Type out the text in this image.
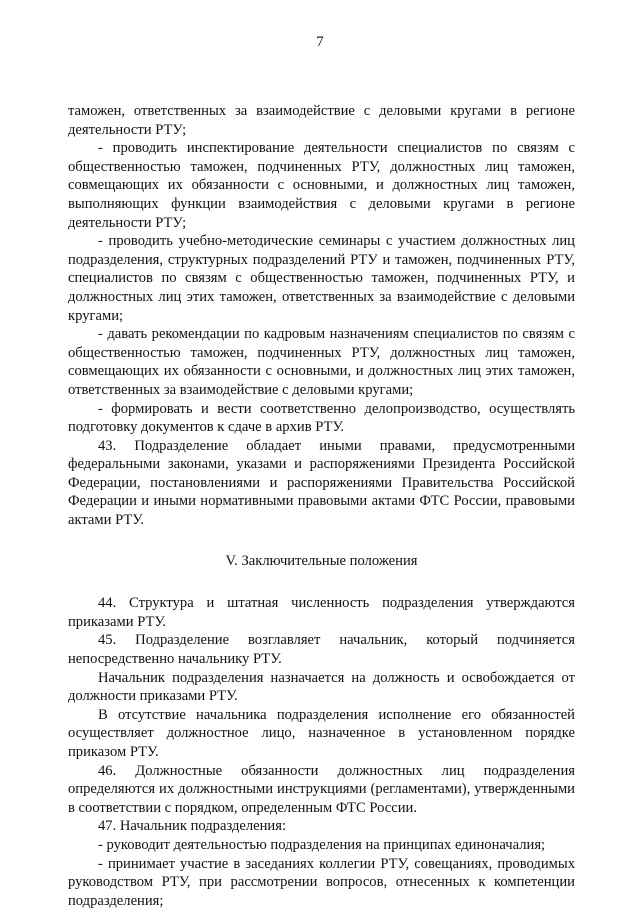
7

таможен, ответственных за взаимодействие с деловыми кругами в регионе деятельности РТУ;

- проводить инспектирование деятельности специалистов по связям с общественностью таможен, подчиненных РТУ, должностных лиц таможен, совмещающих их обязанности с основными, и должностных лиц таможен, выполняющих функции взаимодействия с деловыми кругами в регионе деятельности РТУ;

- проводить учебно-методические семинары с участием должностных лиц подразделения, структурных подразделений РТУ и таможен, подчиненных РТУ, специалистов по связям с общественностью таможен, подчиненных РТУ, и должностных лиц этих таможен, ответственных за взаимодействие с деловыми кругами;

- давать рекомендации по кадровым назначениям специалистов по связям с общественностью таможен, подчиненных РТУ, должностных лиц таможен, совмещающих их обязанности с основными, и должностных лиц этих таможен, ответственных за взаимодействие с деловыми кругами;

- формировать и вести соответственно делопроизводство, осуществлять подготовку документов к сдаче в архив РТУ.

43. Подразделение обладает иными правами, предусмотренными федеральными законами, указами и распоряжениями Президента Российской Федерации, постановлениями и распоряжениями Правительства Российской Федерации и иными нормативными правовыми актами ФТС России, правовыми актами РТУ.

V. Заключительные положения

44. Структура и штатная численность подразделения утверждаются приказами РТУ.

45. Подразделение возглавляет начальник, который подчиняется непосредственно начальнику РТУ.

Начальник подразделения назначается на должность и освобождается от должности приказами РТУ.

В отсутствие начальника подразделения исполнение его обязанностей осуществляет должностное лицо, назначенное в установленном порядке приказом РТУ.

46. Должностные обязанности должностных лиц подразделения определяются их должностными инструкциями (регламентами), утвержденными в соответствии с порядком, определенным ФТС России.

47. Начальник подразделения:

- руководит деятельностью подразделения на принципах единоначалия;

- принимает участие в заседаниях коллегии РТУ, совещаниях, проводимых руководством РТУ, при рассмотрении вопросов, отнесенных к компетенции подразделения;
